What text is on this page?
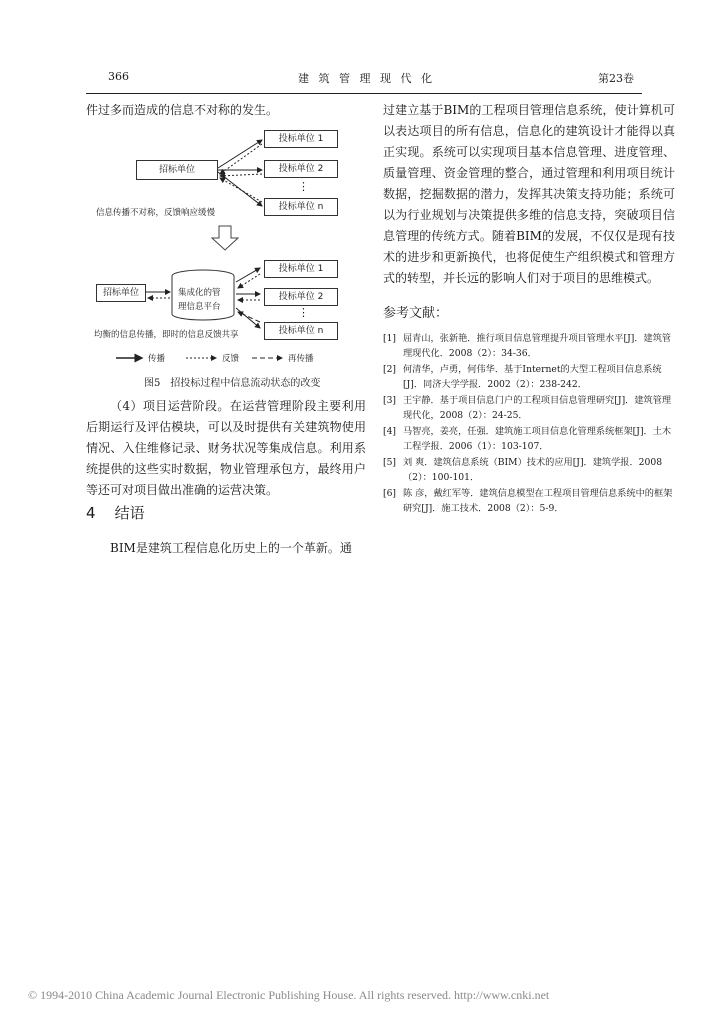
366	建 筑 管 理 现 代 化	第23卷

件过多而造成的信息不对称的发生。

招标单位
投标单位 1
投标单位 2
⋮
投标单位 n
信息传播不对称，反馈响应缓慢
招标单位	集成化的管
理信息平台
投标单位 1
投标单位 2
⋮
投标单位 n
均衡的信息传播，即时的信息反馈共享
传播	反馈	再传播
图5　招投标过程中信息流动状态的改变

（4）项目运营阶段。在运营管理阶段主要利用后期运行及评估模块，可以及时提供有关建筑物使用情况、入住维修记录、财务状况等集成信息。利用系统提供的这些实时数据，物业管理承包方，最终用户等还可对项目做出准确的运营决策。

4 结语

BIM是建筑工程信息化历史上的一个革新。通

过建立基于BIM的工程项目管理信息系统，使计算机可以表达项目的所有信息，信息化的建筑设计才能得以真正实现。系统可以实现项目基本信息管理、进度管理、质量管理、资金管理的整合，通过管理和利用项目统计数据，挖掘数据的潜力，发挥其决策支持功能；系统可以为行业规划与决策提供多维的信息支持，突破项目信息管理的传统方式。随着BIM的发展，不仅仅是现有技术的进步和更新换代，也将促使生产组织模式和管理方式的转型，并长远的影响人们对于项目的思维模式。

参考文献：
[1] 屈青山，张新艳．推行项目信息管理提升项目管理水平[J]．建筑管理现代化．2008（2）：34-36．
[2] 何清华，卢勇，何伟华．基于Internet的大型工程项目信息系统[J]．同济大学学报．2002（2）：238-242．
[3] 王宇静．基于项目信息门户的工程项目信息管理研究[J]．建筑管理现代化，2008（2）：24-25．
[4] 马智亮，姜亮，任强．建筑施工项目信息化管理系统框架[J]．土木工程学报．2006（1）：103-107．
[5] 刘 爽．建筑信息系统（BIM）技术的应用[J]．建筑学报．2008（2）：100-101．
[6] 陈 彦，戴红军等．建筑信息模型在工程项目管理信息系统中的框架研究[J]．施工技术．2008（2）：5-9．
© 1994-2010 China Academic Journal Electronic Publishing House. All rights reserved. http://www.cnki.net
